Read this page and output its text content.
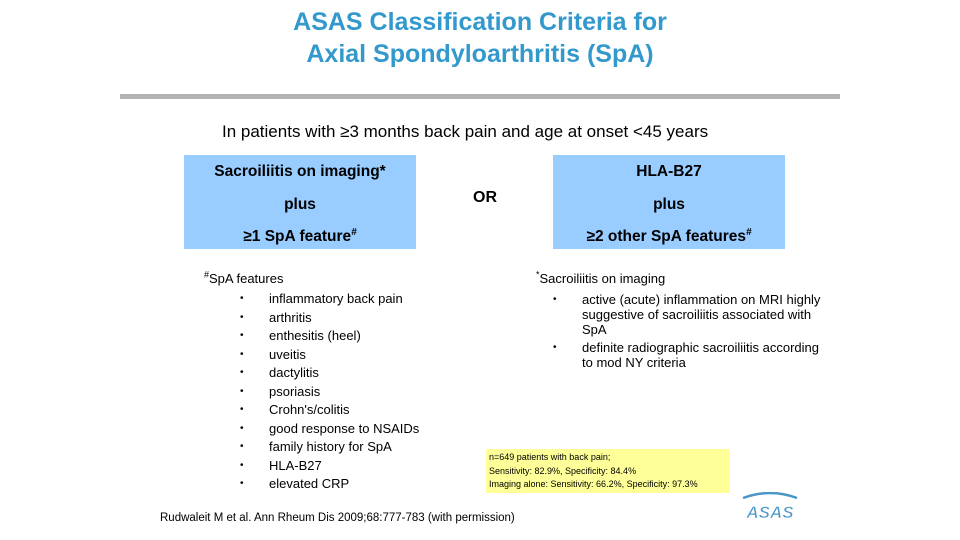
ASAS Classification Criteria for
Axial Spondyloarthritis (SpA)
In patients with ≥3 months back pain and age at onset <45 years
Sacroiliitis on imaging*
plus
≥1 SpA feature#
OR
HLA-B27
plus
≥2 other SpA features#
#SpA features
• inflammatory back pain
• arthritis
• enthesitis (heel)
• uveitis
• dactylitis
• psoriasis
• Crohn's/colitis
• good response to NSAIDs
• family history for SpA
• HLA-B27
• elevated CRP
*Sacroiliitis on imaging
• active (acute) inflammation on MRI highly suggestive of sacroiliitis associated with SpA
• definite radiographic sacroiliitis according to mod NY criteria
n=649 patients with back pain;
Sensitivity: 82.9%, Specificity: 84.4%
Imaging alone: Sensitivity: 66.2%, Specificity: 97.3%
Rudwaleit M et al. Ann Rheum Dis 2009;68:777-783 (with permission)	ASAS
